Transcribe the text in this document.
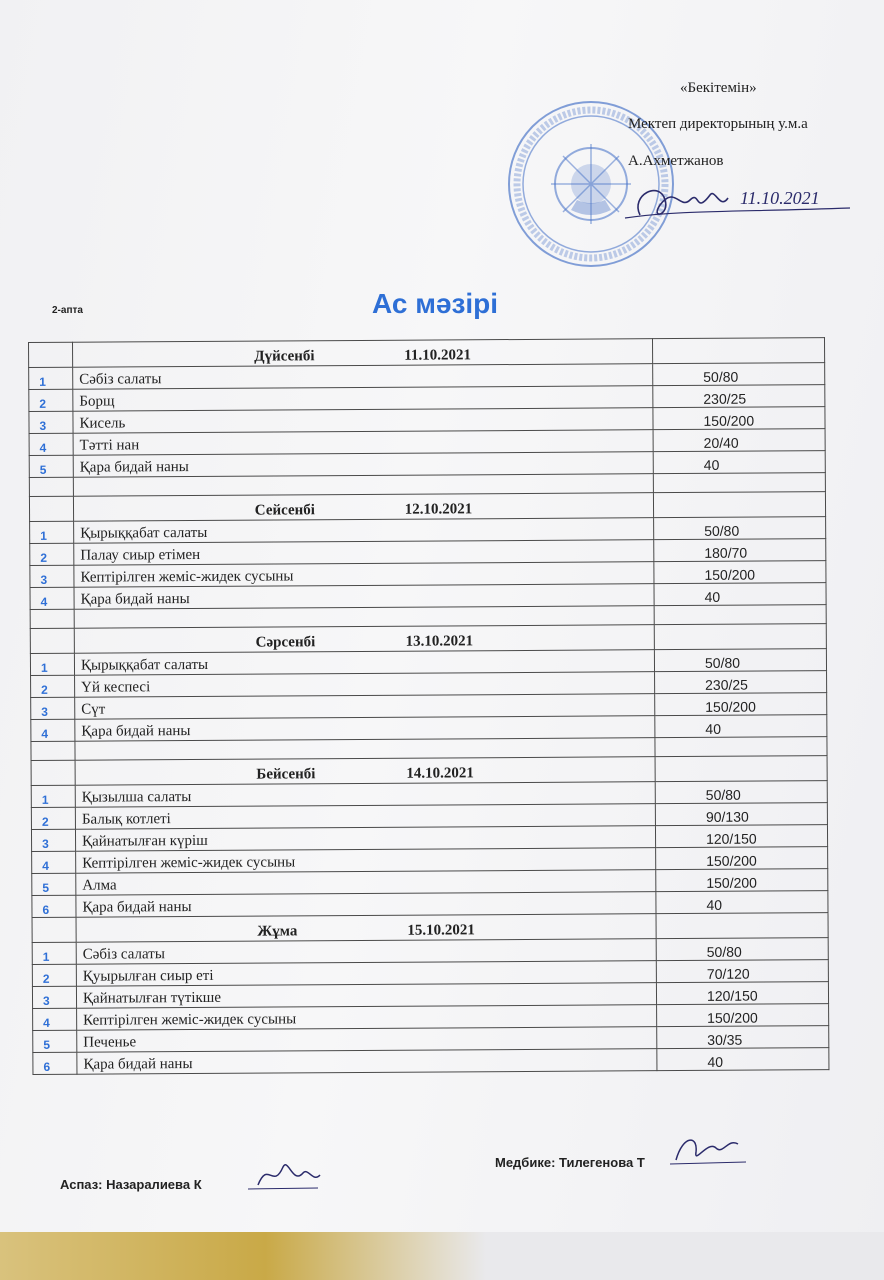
«Бекітемін»
Мектеп директорының у.м.а
А.Ахметжанов
11.10.2021
2-апта	Ас мәзірі
	Дүйсенбі 11.10.2021	
1	Сәбіз салаты	50/80
2	Борщ	230/25
3	Кисель	150/200
4	Тәтті нан	20/40
5	Қара бидай наны	40

	Сейсенбі 12.10.2021	
1	Қырыққабат салаты	50/80
2	Палау сиыр етімен	180/70
3	Кептірілген жеміс-жидек сусыны	150/200
4	Қара бидай наны	40

	Сәрсенбі 13.10.2021	
1	Қырыққабат салаты	50/80
2	Үй кеспесі	230/25
3	Сүт	150/200
4	Қара бидай наны	40

	Бейсенбі 14.10.2021	
1	Қызылша салаты	50/80
2	Балық котлеті	90/130
3	Қайнатылған күріш	120/150
4	Кептірілген жеміс-жидек сусыны	150/200
5	Алма	150/200
6	Қара бидай наны	40
	Жұма 15.10.2021	
1	Сәбіз салаты	50/80
2	Қуырылған сиыр еті	70/120
3	Қайнатылған түтікше	120/150
4	Кептірілген жеміс-жидек сусыны	150/200
5	Печенье	30/35
6	Қара бидай наны	40
Медбике: Тилегенова Т
Аспаз: Назаралиева К
